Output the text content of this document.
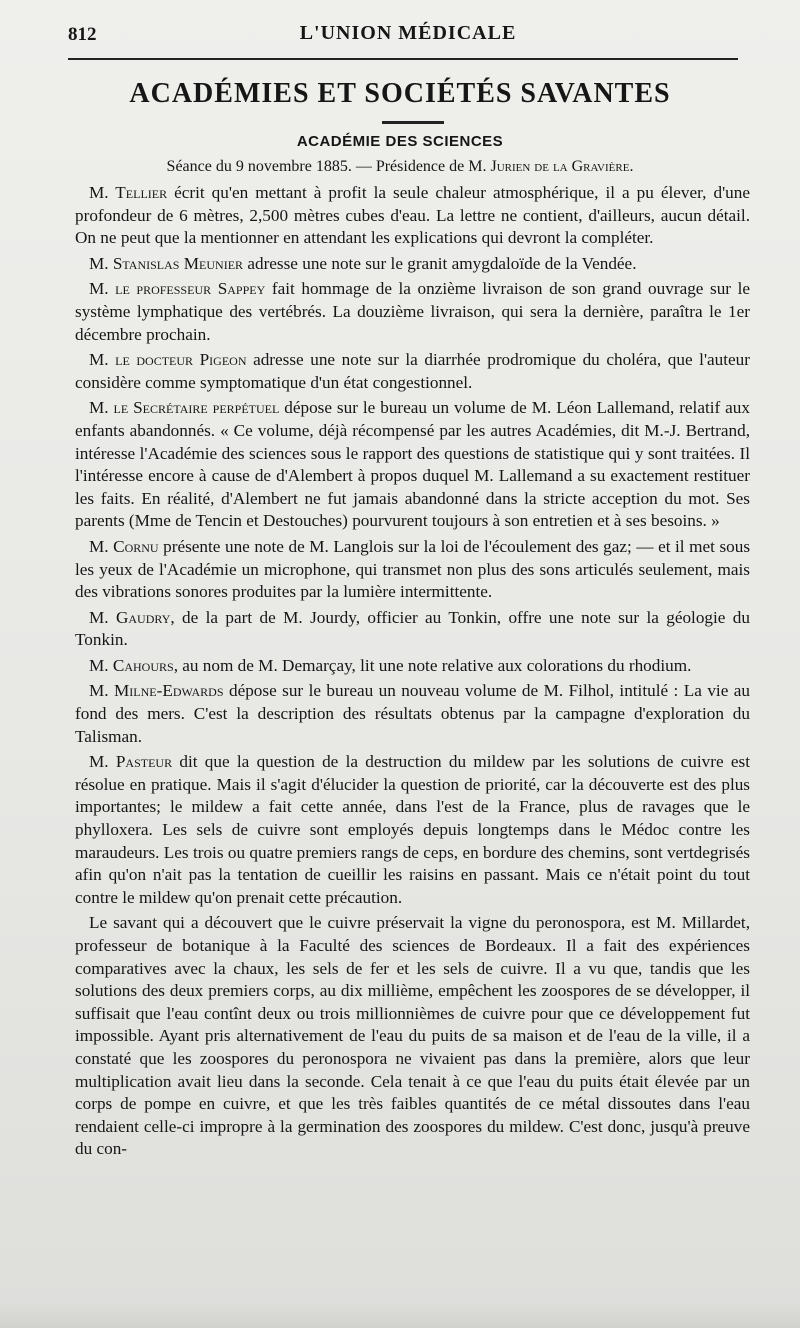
812	L'UNION MÉDICALE
ACADÉMIES ET SOCIÉTÉS SAVANTES
ACADÉMIE DES SCIENCES
Séance du 9 novembre 1885. — Présidence de M. Jurien de la Gravière.

M. Tellier écrit qu'en mettant à profit la seule chaleur atmosphérique, il a pu élever, d'une profondeur de 6 mètres, 2,500 mètres cubes d'eau. La lettre ne contient, d'ailleurs, aucun détail. On ne peut que la mentionner en attendant les explications qui devront la compléter.

M. Stanislas Meunier adresse une note sur le granit amygdaloïde de la Vendée.

M. le professeur Sappey fait hommage de la onzième livraison de son grand ouvrage sur le système lymphatique des vertébrés. La douzième livraison, qui sera la dernière, paraîtra le 1er décembre prochain.

M. le docteur Pigeon adresse une note sur la diarrhée prodromique du choléra, que l'auteur considère comme symptomatique d'un état congestionnel.

M. le Secrétaire perpétuel dépose sur le bureau un volume de M. Léon Lallemand, relatif aux enfants abandonnés. « Ce volume, déjà récompensé par les autres Académies, dit M.-J. Bertrand, intéresse l'Académie des sciences sous le rapport des questions de statistique qui y sont traitées. Il l'intéresse encore à cause de d'Alembert à propos duquel M. Lallemand a su exactement restituer les faits. En réalité, d'Alembert ne fut jamais abandonné dans la stricte acception du mot. Ses parents (Mme de Tencin et Destouches) pourvurent toujours à son entretien et à ses besoins. »

M. Cornu présente une note de M. Langlois sur la loi de l'écoulement des gaz; — et il met sous les yeux de l'Académie un microphone, qui transmet non plus des sons articulés seulement, mais des vibrations sonores produites par la lumière intermittente.

M. Gaudry, de la part de M. Jourdy, officier au Tonkin, offre une note sur la géologie du Tonkin.

M. Cahours, au nom de M. Demarçay, lit une note relative aux colorations du rhodium.

M. Milne-Edwards dépose sur le bureau un nouveau volume de M. Filhol, intitulé : La vie au fond des mers. C'est la description des résultats obtenus par la campagne d'exploration du Talisman.

M. Pasteur dit que la question de la destruction du mildew par les solutions de cuivre est résolue en pratique. Mais il s'agit d'élucider la question de priorité, car la découverte est des plus importantes; le mildew a fait cette année, dans l'est de la France, plus de ravages que le phylloxera. Les sels de cuivre sont employés depuis longtemps dans le Médoc contre les maraudeurs. Les trois ou quatre premiers rangs de ceps, en bordure des chemins, sont vertdegrisés afin qu'on n'ait pas la tentation de cueillir les raisins en passant. Mais ce n'était point du tout contre le mildew qu'on prenait cette précaution.

Le savant qui a découvert que le cuivre préservait la vigne du peronospora, est M. Millardet, professeur de botanique à la Faculté des sciences de Bordeaux. Il a fait des expériences comparatives avec la chaux, les sels de fer et les sels de cuivre. Il a vu que, tandis que les solutions des deux premiers corps, au dix millième, empêchent les zoospores de se développer, il suffisait que l'eau contînt deux ou trois millionnièmes de cuivre pour que ce développement fut impossible. Ayant pris alternativement de l'eau du puits de sa maison et de l'eau de la ville, il a constaté que les zoospores du peronospora ne vivaient pas dans la première, alors que leur multiplication avait lieu dans la seconde. Cela tenait à ce que l'eau du puits était élevée par un corps de pompe en cuivre, et que les très faibles quantités de ce métal dissoutes dans l'eau rendaient celle-ci impropre à la germination des zoospores du mildew. C'est donc, jusqu'à preuve du con-
